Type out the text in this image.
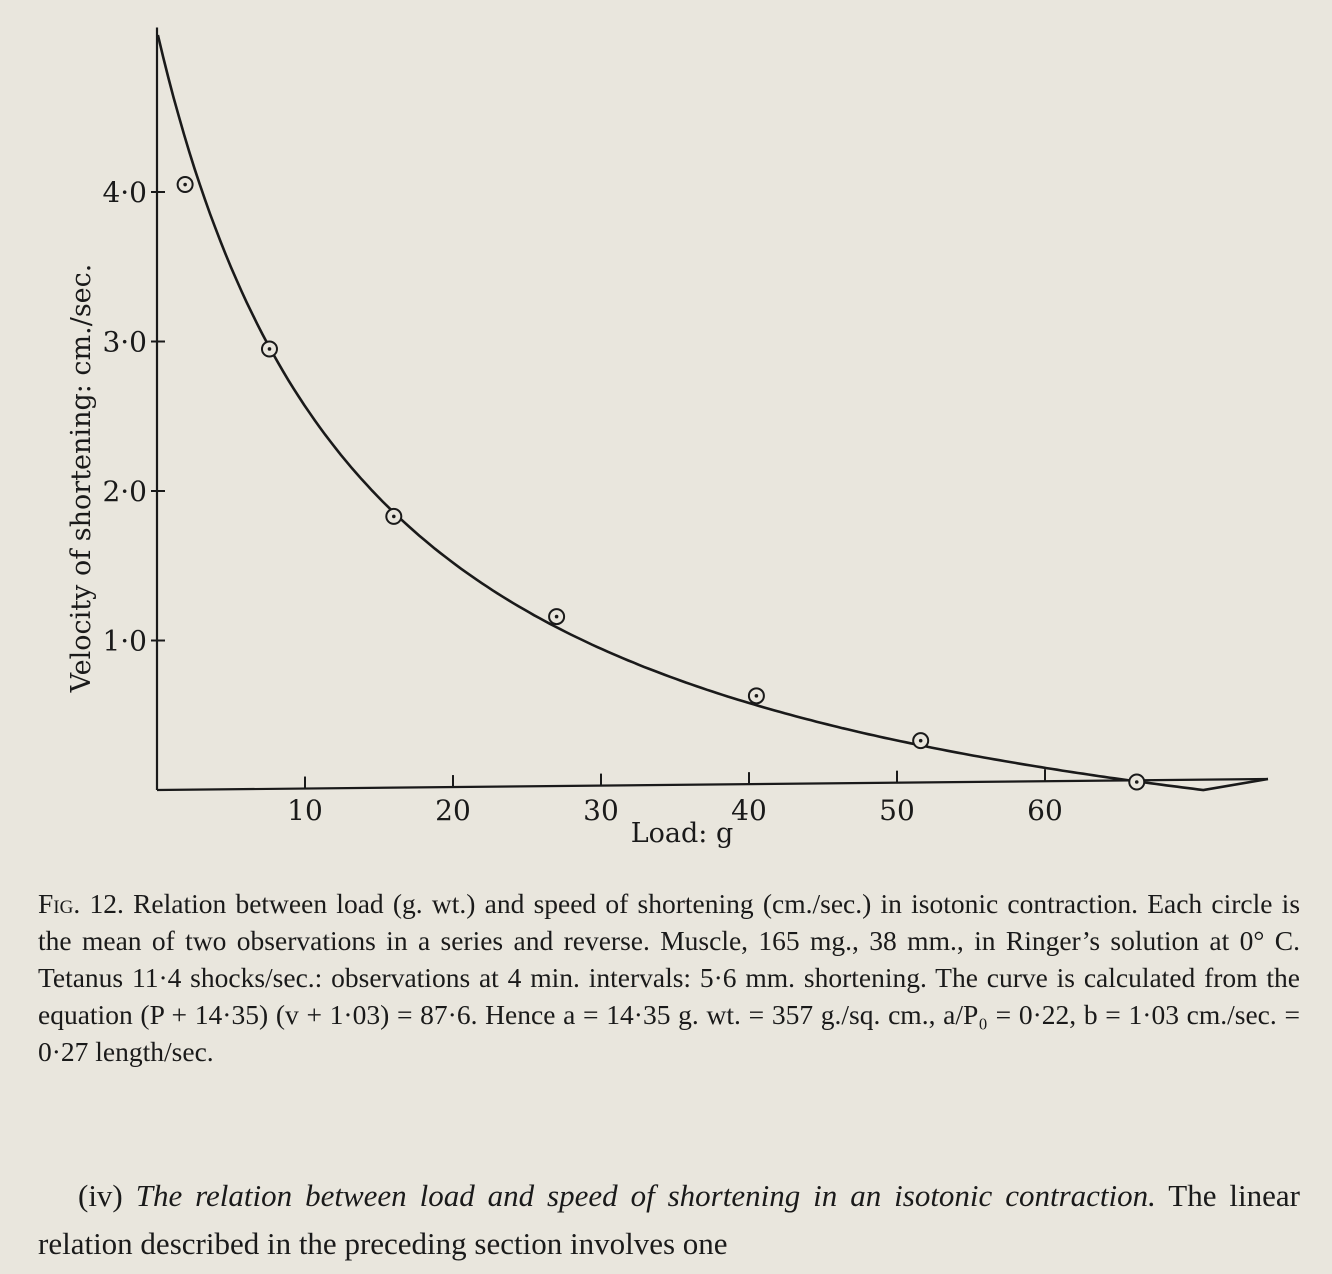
10	20	30	40	50	60
1·0
2·0
3·0
4·0
Load: g
Velocity of shortening: cm./sec.

Fig. 12. Relation between load (g. wt.) and speed of shortening (cm./sec.) in isotonic contraction. Each circle is the mean of two observations in a series and reverse. Muscle, 165 mg., 38 mm., in Ringer’s solution at 0° C. Tetanus 11·4 shocks/sec.: observations at 4 min. intervals: 5·6 mm. shortening. The curve is calculated from the equation (P + 14·35) (v + 1·03) = 87·6. Hence a = 14·35 g. wt. = 357 g./sq. cm., a/P₀ = 0·22, b = 1·03 cm./sec. = 0·27 length/sec.

(iv) The relation between load and speed of shortening in an isotonic contraction. The linear relation described in the preceding section involves one
